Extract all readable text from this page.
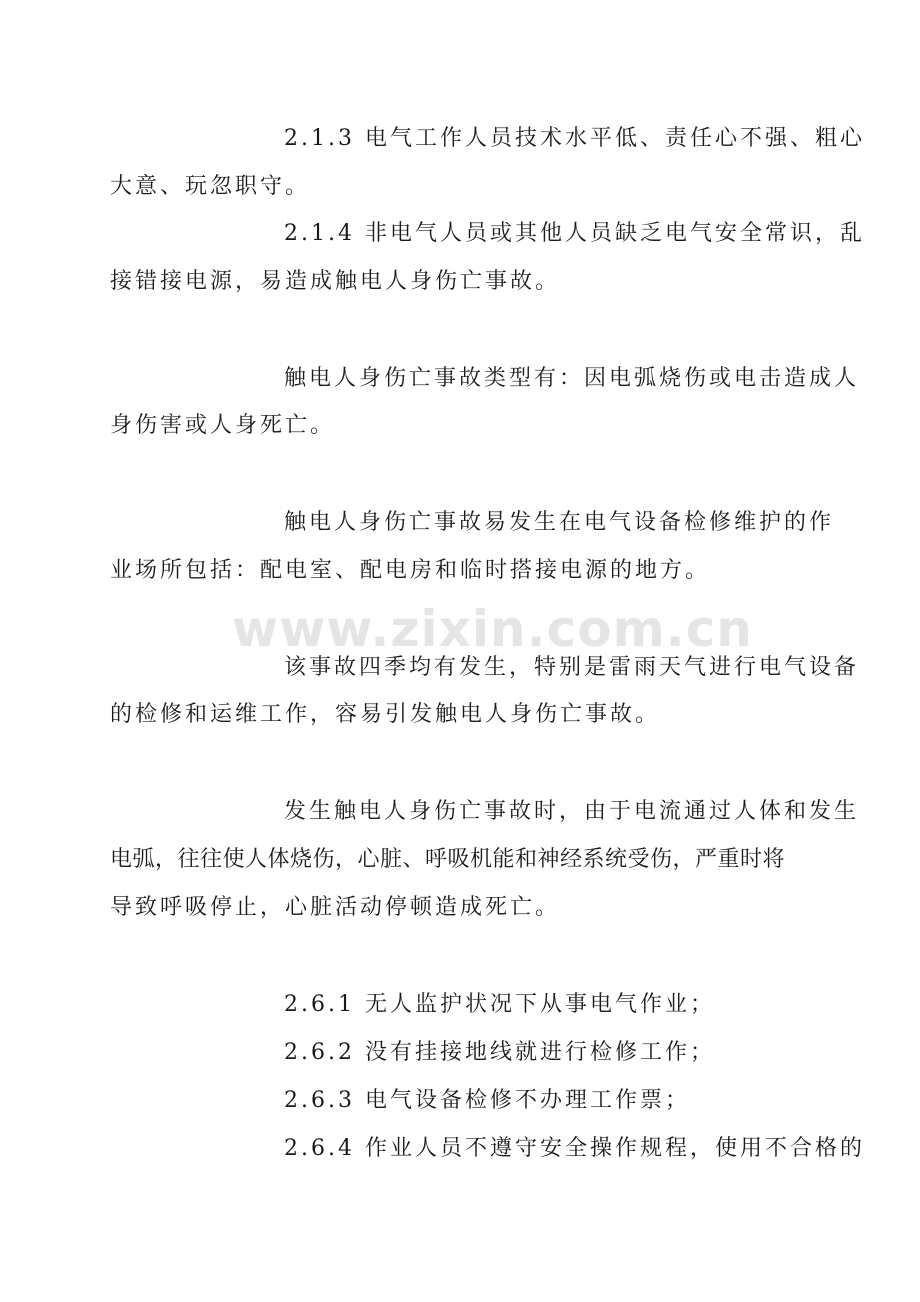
2.1.3 电气工作人员技术水平低、责任心不强、粗心
大意、玩忽职守。
2.1.4 非电气人员或其他人员缺乏电气安全常识，乱
接错接电源，易造成触电人身伤亡事故。
触电人身伤亡事故类型有：因电弧烧伤或电击造成人
身伤害或人身死亡。
触电人身伤亡事故易发生在电气设备检修维护的作
业场所包括：配电室、配电房和临时搭接电源的地方。
www.zixin.com.cn
该事故四季均有发生，特别是雷雨天气进行电气设备
的检修和运维工作，容易引发触电人身伤亡事故。
发生触电人身伤亡事故时，由于电流通过人体和发生
电弧，往往使人体烧伤，心脏、呼吸机能和神经系统受伤，严重时将
导致呼吸停止，心脏活动停顿造成死亡。
2.6.1 无人监护状况下从事电气作业；
2.6.2 没有挂接地线就进行检修工作；
2.6.3 电气设备检修不办理工作票；
2.6.4 作业人员不遵守安全操作规程，使用不合格的
